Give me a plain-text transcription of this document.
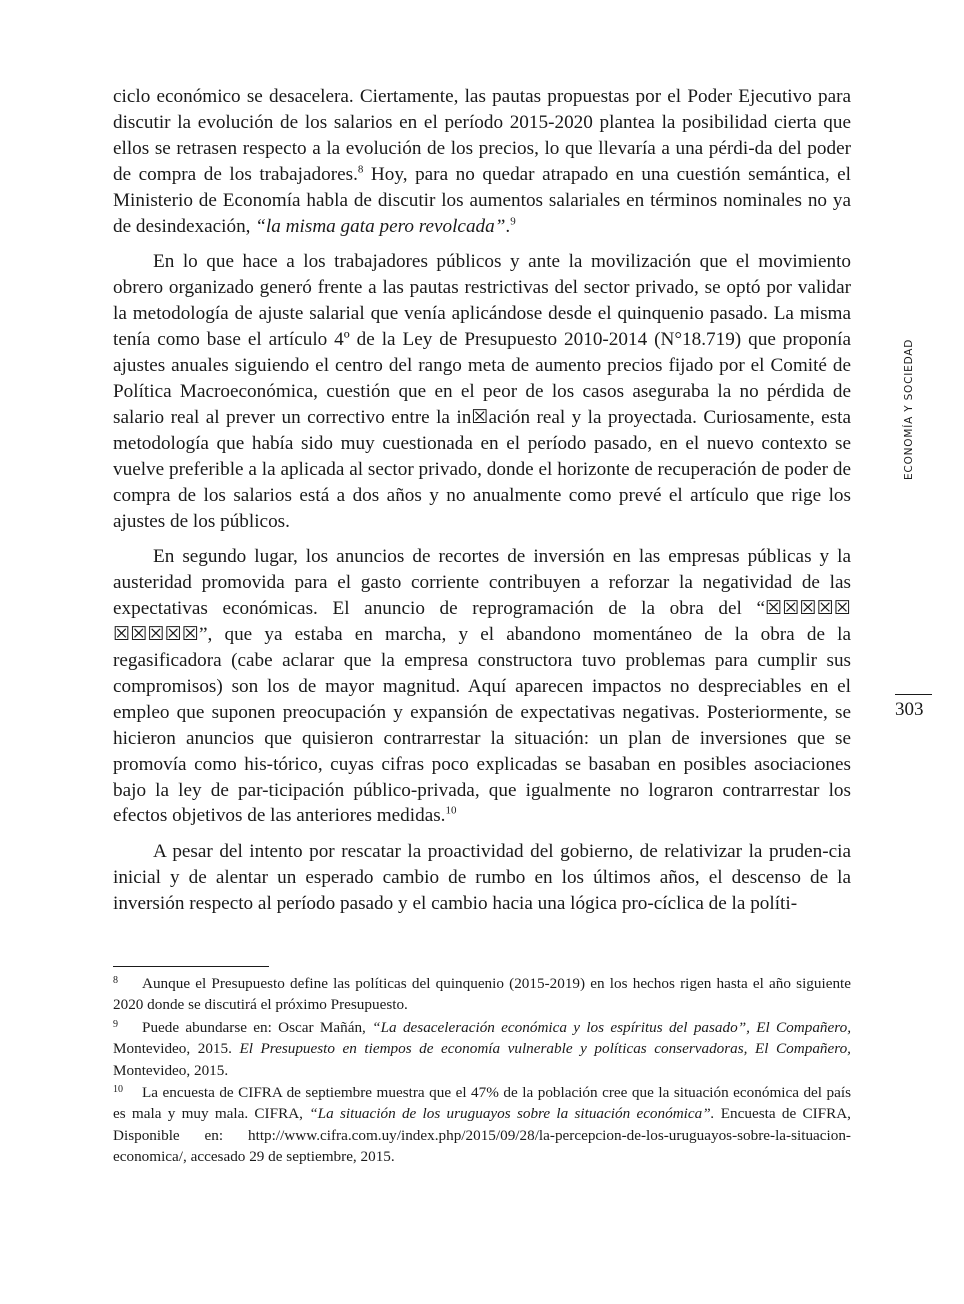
ciclo económico se desacelera. Ciertamente, las pautas propuestas por el Poder Ejecutivo para discutir la evolución de los salarios en el período 2015-2020 plantea la posibilidad cierta que ellos se retrasen respecto a la evolución de los precios, lo que llevaría a una pérdi-da del poder de compra de los trabajadores.$^8$ Hoy, para no quedar atrapado en una cuestión semántica, el Ministerio de Economía habla de discutir los aumentos salariales en términos nominales no ya de desindexación, “la misma gata pero revolcada”.$^9$

En lo que hace a los trabajadores públicos y ante la movilización que el movimiento obrero organizado generó frente a las pautas restrictivas del sector privado, se optó por validar la metodología de ajuste salarial que venía aplicándose desde el quinquenio pasado. La misma tenía como base el artículo 4º de la Ley de Presupuesto 2010-2014 (N°18.719) que proponía ajustes anuales siguiendo el centro del rango meta de aumento precios fijado por el Comité de Política Macroeconómica, cuestión que en el peor de los casos aseguraba la no pérdida de salario real al prever un correctivo entre la in☒ación real y la proyectada. Curiosamente, esta metodología que había sido muy cuestionada en el período pasado, en el nuevo contexto se vuelve preferible a la aplicada al sector privado, donde el horizonte de recuperación de poder de compra de los salarios está a dos años y no anualmente como prevé el artículo que rige los ajustes de los públicos.

En segundo lugar, los anuncios de recortes de inversión en las empresas públicas y la austeridad promovida para el gasto corriente contribuyen a reforzar la negatividad de las expectativas económicas. El anuncio de reprogramación de la obra del “☒☒☒☒☒ ☒☒☒☒☒”, que ya estaba en marcha, y el abandono momentáneo de la obra de la regasificadora (cabe aclarar que la empresa constructora tuvo problemas para cumplir sus compromisos) son los de mayor magnitud. Aquí aparecen impactos no despreciables en el empleo que suponen preocupación y expansión de expectativas negativas. Posteriormente, se hicieron anuncios que quisieron contrarrestar la situación: un plan de inversiones que se promovía como his-tórico, cuyas cifras poco explicadas se basaban en posibles asociaciones bajo la ley de par-ticipación público-privada, que igualmente no lograron contrarrestar los efectos objetivos de las anteriores medidas.$^{10}$

A pesar del intento por rescatar la proactividad del gobierno, de relativizar la pruden-cia inicial y de alentar un esperado cambio de rumbo en los últimos años, el descenso de la inversión respecto al período pasado y el cambio hacia una lógica pro-cíclica de la políti-

ECONOMÍA Y SOCIEDAD
303

8 Aunque el Presupuesto define las políticas del quinquenio (2015-2019) en los hechos rigen hasta el año siguiente 2020 donde se discutirá el próximo Presupuesto.

9 Puede abundarse en: Oscar Mañán, “La desaceleración económica y los espíritus del pasado”, El Compañero, Montevideo, 2015. El Presupuesto en tiempos de economía vulnerable y políticas conservadoras, El Compañero, Montevideo, 2015.

10 La encuesta de CIFRA de septiembre muestra que el 47% de la población cree que la situación económica del país es mala y muy mala. CIFRA, “La situación de los uruguayos sobre la situación económica”. Encuesta de CIFRA, Disponible en: http://www.cifra.com.uy/index.php/2015/09/28/la-percepcion-de-los-uruguayos-sobre-la-situacion-economica/, accesado 29 de septiembre, 2015.
